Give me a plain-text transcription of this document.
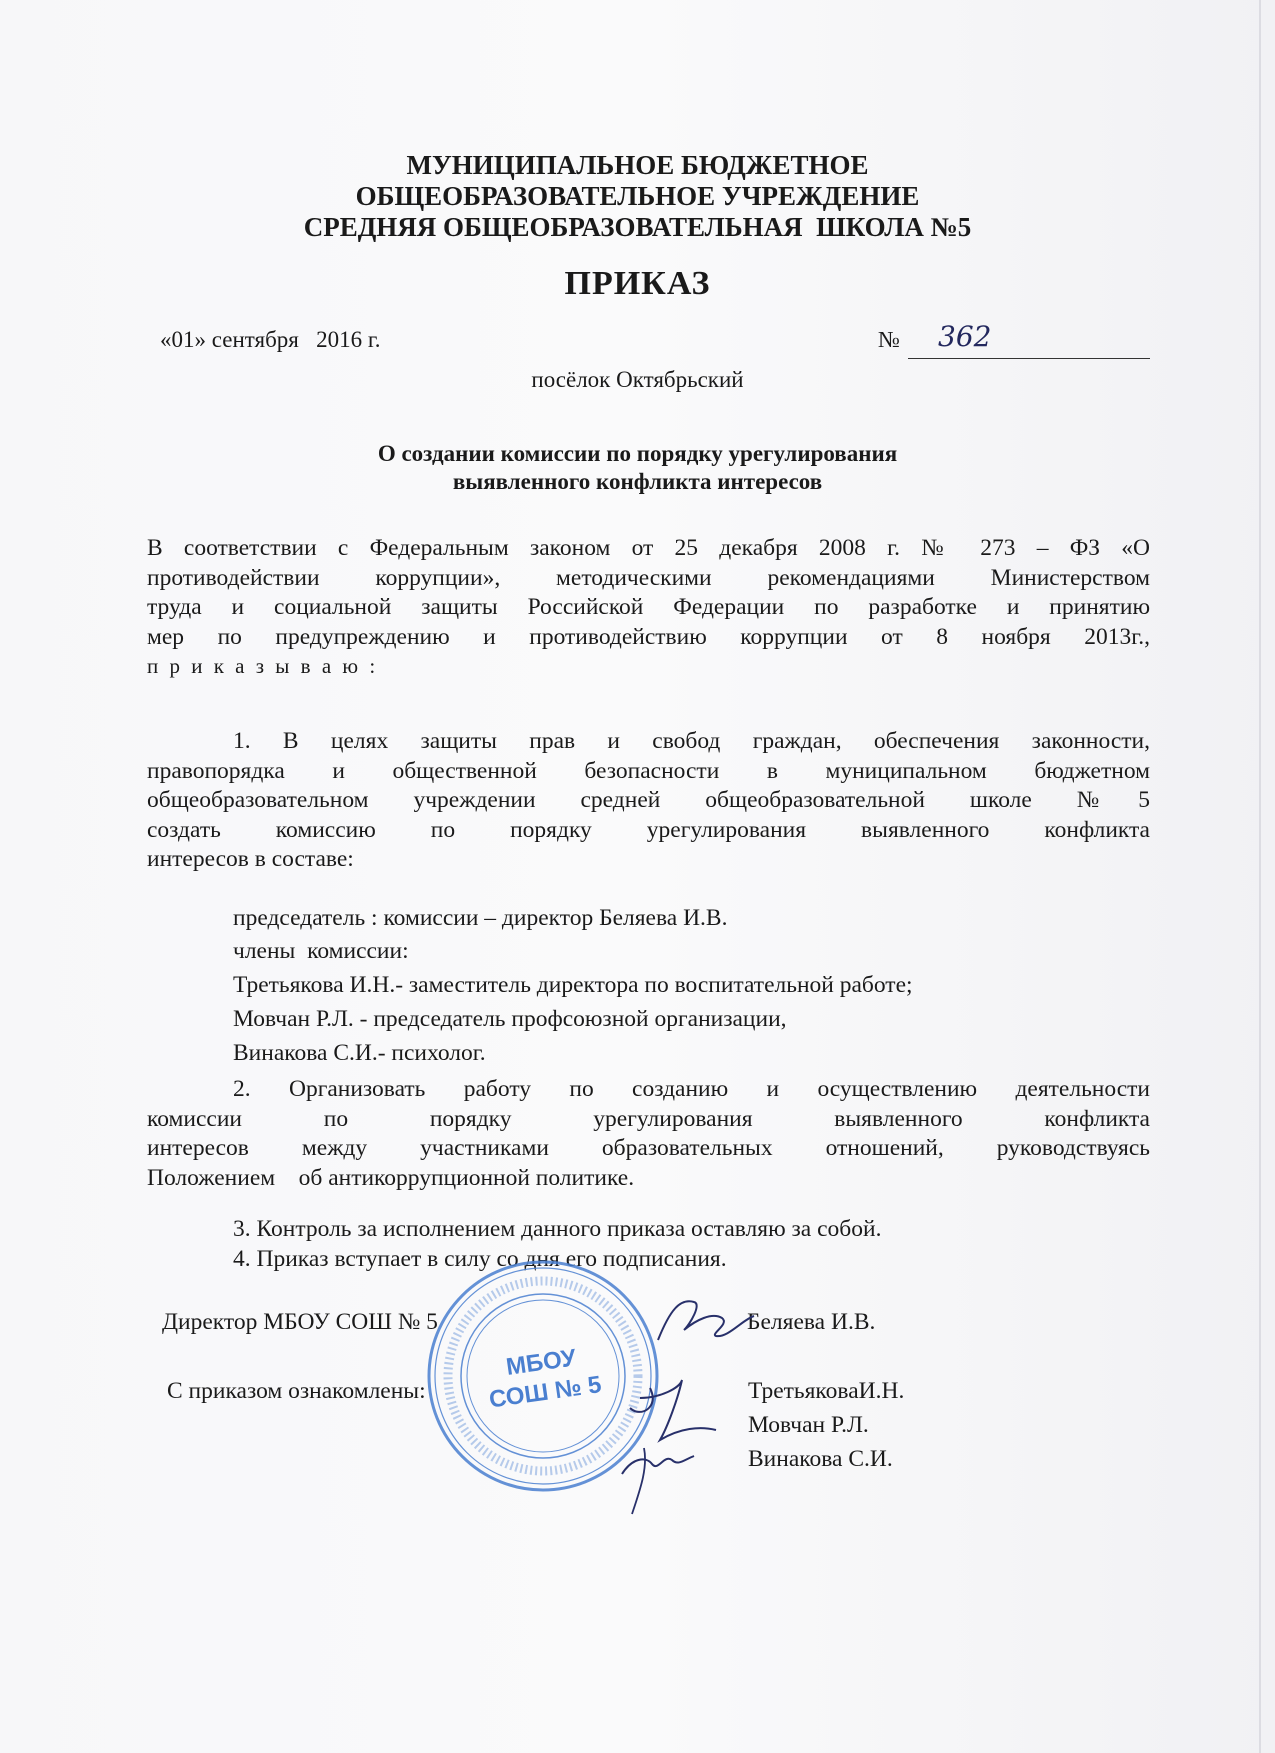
МУНИЦИПАЛЬНОЕ БЮДЖЕТНОЕ
ОБЩЕОБРАЗОВАТЕЛЬНОЕ УЧРЕЖДЕНИЕ
СРЕДНЯЯ ОБЩЕОБРАЗОВАТЕЛЬНАЯ  ШКОЛА №5
ПРИКАЗ
«01» сентября   2016 г.	№ 362
посёлок Октябрьский
О создании комиссии по порядку урегулирования
выявленного конфликта интересов
В соответствии с Федеральным законом от 25 декабря 2008 г. № 273 – ФЗ «О
противодействии коррупции», методическими рекомендациями Министерством
труда и социальной защиты Российской Федерации по разработке и принятию
мер по предупреждению и противодействию коррупции от 8 ноября 2013г.,
п р и к а з ы в а ю :
1. В целях защиты прав и свобод граждан, обеспечения законности,
правопорядка и общественной безопасности в муниципальном бюджетном
общеобразовательном учреждении средней общеобразовательной школе №5
создать комиссию по порядку урегулирования выявленного конфликта
интересов в составе:
председатель : комиссии – директор Беляева И.В.
члены  комиссии:
Третьякова И.Н.- заместитель директора по воспитательной работе;
Мовчан Р.Л. - председатель профсоюзной организации,
Винакова С.И.- психолог.
2. Организовать работу по созданию и осуществлению деятельности
комиссии по порядку урегулирования выявленного конфликта
интересов между участниками образовательных отношений, руководствуясь
Положением    об антикоррупционной политике.
3. Контроль за исполнением данного приказа оставляю за собой.
4. Приказ вступает в силу со дня его подписания.
Директор МБОУ СОШ № 5	Беляева И.В.
С приказом ознакомлены:	ТретьяковаИ.Н.
Мовчан Р.Л.
Винакова С.И.
МБОУ
СОШ № 5
